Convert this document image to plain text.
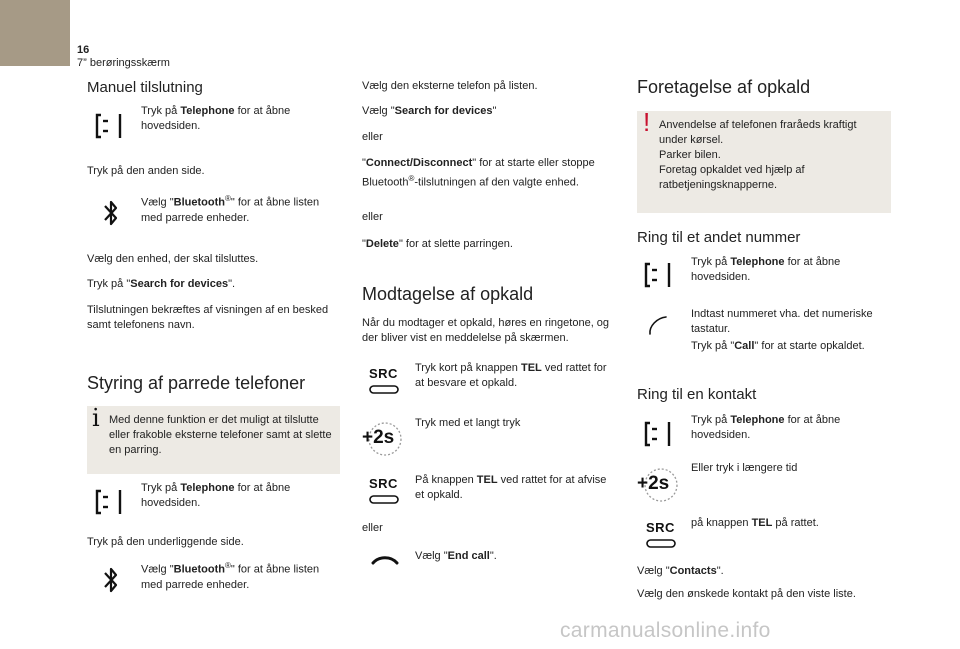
16
7” berøringsskærm
Manuel tilslutning
Tryk på Telephone for at åbne hovedsiden.
Tryk på den anden side.
Vælg "Bluetooth®" for at åbne listen med parrede enheder.
Vælg den enhed, der skal tilsluttes.
Tryk på "Search for devices".
Tilslutningen bekræftes af visningen af en besked samt telefonens navn.
Styring af parrede telefoner
i Med denne funktion er det muligt at tilslutte eller frakoble eksterne telefoner samt at slette en parring.
Tryk på Telephone for at åbne hovedsiden.
Tryk på den underliggende side.
Vælg "Bluetooth®" for at åbne listen med parrede enheder.
Vælg den eksterne telefon på listen.
Vælg "Search for devices"
eller
"Connect/Disconnect" for at starte eller stoppe Bluetooth®-tilslutningen af den valgte enhed.
eller
"Delete" for at slette parringen.
Modtagelse af opkald
Når du modtager et opkald, høres en ringetone, og der bliver vist en meddelelse på skærmen.
SRC Tryk kort på knappen TEL ved rattet for at besvare et opkald.
+2s
Tryk med et langt tryk
SRC På knappen TEL ved rattet for at afvise et opkald.
eller
Vælg "End call".
Foretagelse af opkald
! Anvendelse af telefonen fraråeds kraftigt under kørsel.
Parker bilen.
Foretag opkaldet ved hjælp af ratbetjeningsknapperne.
Ring til et andet nummer
Tryk på Telephone for at åbne hovedsiden.
Indtast nummeret vha. det numeriske tastatur.
Tryk på "Call" for at starte opkaldet.
Ring til en kontakt
Tryk på Telephone for at åbne hovedsiden.
+2s
Eller tryk i længere tid
SRC på knappen TEL på rattet.
Vælg "Contacts".
Vælg den ønskede kontakt på den viste liste.
carmanualsonline.info
